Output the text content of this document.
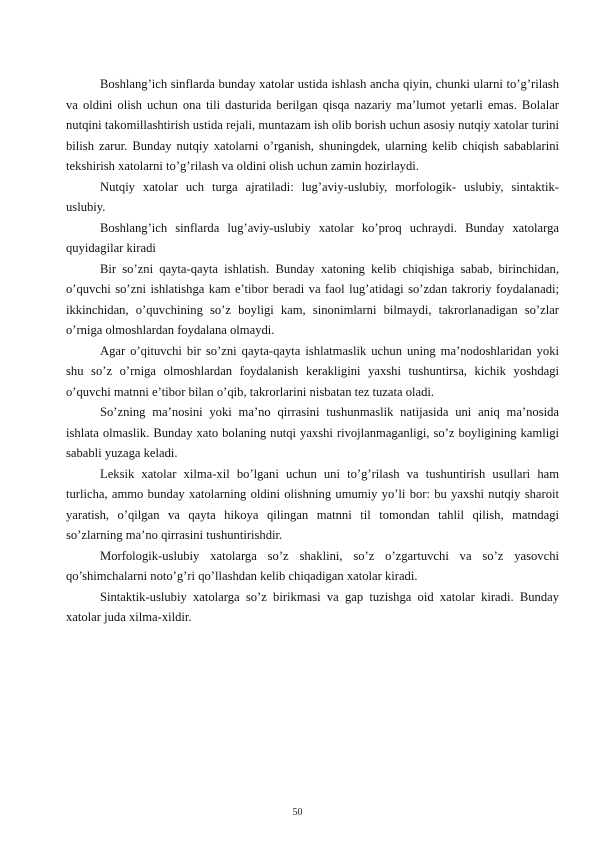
Boshlang’ich sinflarda bunday xatolar ustida ishlash ancha qiyin, chunki ularni to’g’rilash va oldini olish uchun ona tili dasturida berilgan qisqa nazariy ma’lumot yetarli emas. Bolalar nutqini takomillashtirish ustida rejali, muntazam ish olib borish uchun asosiy nutqiy xatolar turini bilish zarur. Bunday nutqiy xatolarni o’rganish, shuningdek, ularning kelib chiqish sabablarini tekshirish xatolarni to’g’rilash va oldini olish uchun zamin hozirlaydi.

Nutqiy xatolar uch turga ajratiladi: lug’aviy-uslubiy, morfologik- uslubiy, sintaktik-uslubiy.

Boshlang’ich sinflarda lug’aviy-uslubiy xatolar ko’proq uchraydi. Bunday xatolarga quyidagilar kiradi

Bir so’zni qayta-qayta ishlatish. Bunday xatoning kelib chiqishiga sabab, birinchidan, o’quvchi so’zni ishlatishga kam e’tibor beradi va faol lug’atidagi so’zdan takroriy foydalanadi; ikkinchidan, o’quvchining so’z boyligi kam, sinonimlarni bilmaydi, takrorlanadigan so’zlar o’rniga olmoshlardan foydalana olmaydi.

Agar o’qituvchi bir so’zni qayta-qayta ishlatmaslik uchun uning ma’nodoshlaridan yoki shu so’z o’rniga olmoshlardan foydalanish kerakligini yaxshi tushuntirsa, kichik yoshdagi o’quvchi matnni e’tibor bilan o’qib, takrorlarini nisbatan tez tuzata oladi.

So’zning ma’nosini yoki ma’no qirrasini tushunmaslik natijasida uni aniq ma’nosida ishlata olmaslik. Bunday xato bolaning nutqi yaxshi rivojlanmaganligi, so’z boyligining kamligi sababli yuzaga keladi.

Leksik xatolar xilma-xil bo’lgani uchun uni to’g’rilash va tushuntirish usullari ham turlicha, ammo bunday xatolarning oldini olishning umumiy yo’li bor: bu yaxshi nutqiy sharoit yaratish, o’qilgan va qayta hikoya qilingan matnni til tomondan tahlil qilish, matndagi so’zlarning ma’no qirrasini tushuntirishdir.

Morfologik-uslubiy xatolarga so’z shaklini, so’z o’zgartuvchi va so’z yasovchi qo’shimchalarni noto’g’ri qo’llashdan kelib chiqadigan xatolar kiradi.

Sintaktik-uslubiy xatolarga so’z birikmasi va gap tuzishga oid xatolar kiradi. Bunday xatolar juda xilma-xildir.

50
